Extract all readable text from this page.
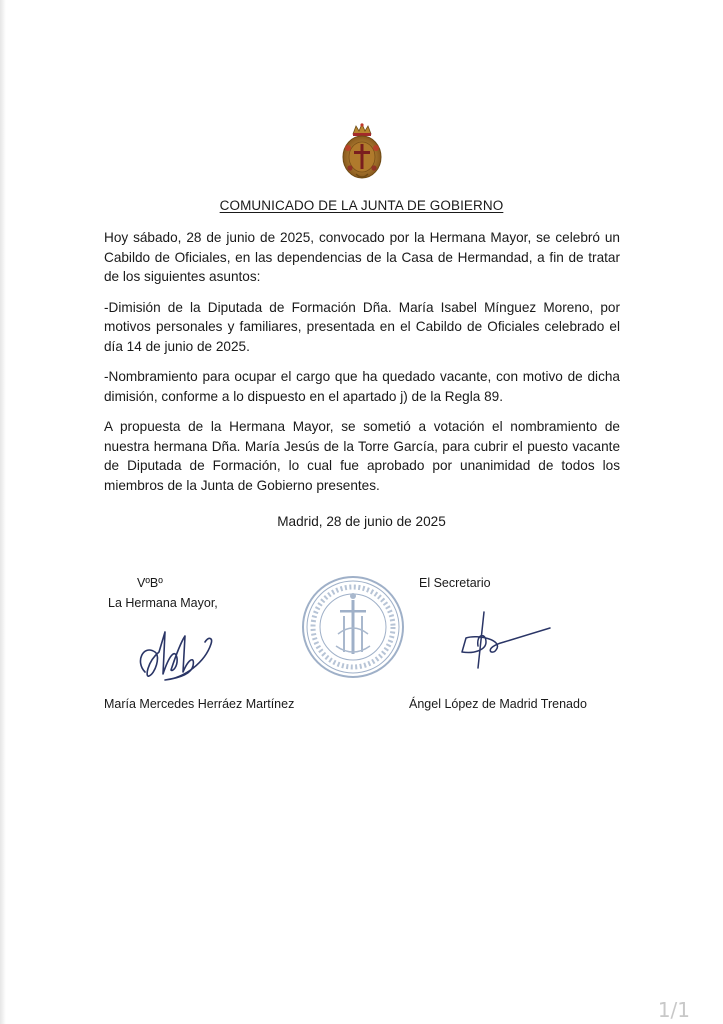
COMUNICADO DE LA JUNTA DE GOBIERNO

Hoy sábado, 28 de junio de 2025, convocado por la Hermana Mayor, se celebró un Cabildo de Oficiales, en las dependencias de la Casa de Hermandad, a fin de tratar de los siguientes asuntos:

-Dimisión de la Diputada de Formación Dña. María Isabel Mínguez Moreno, por motivos personales y familiares, presentada en el Cabildo de Oficiales celebrado el día 14 de junio de 2025.

-Nombramiento para ocupar el cargo que ha quedado vacante, con motivo de dicha dimisión, conforme a lo dispuesto en el apartado j) de la Regla 89.

A propuesta de la Hermana Mayor, se sometió a votación el nombramiento de nuestra hermana Dña. María Jesús de la Torre García, para cubrir el puesto vacante de Diputada de Formación, lo cual fue aprobado por unanimidad de todos los miembros de la Junta de Gobierno presentes.

Madrid, 28 de junio de 2025
VºBº
La Hermana Mayor,
El Secretario
María Mercedes Herráez Martínez	Ángel López de Madrid Trenado
1/1
